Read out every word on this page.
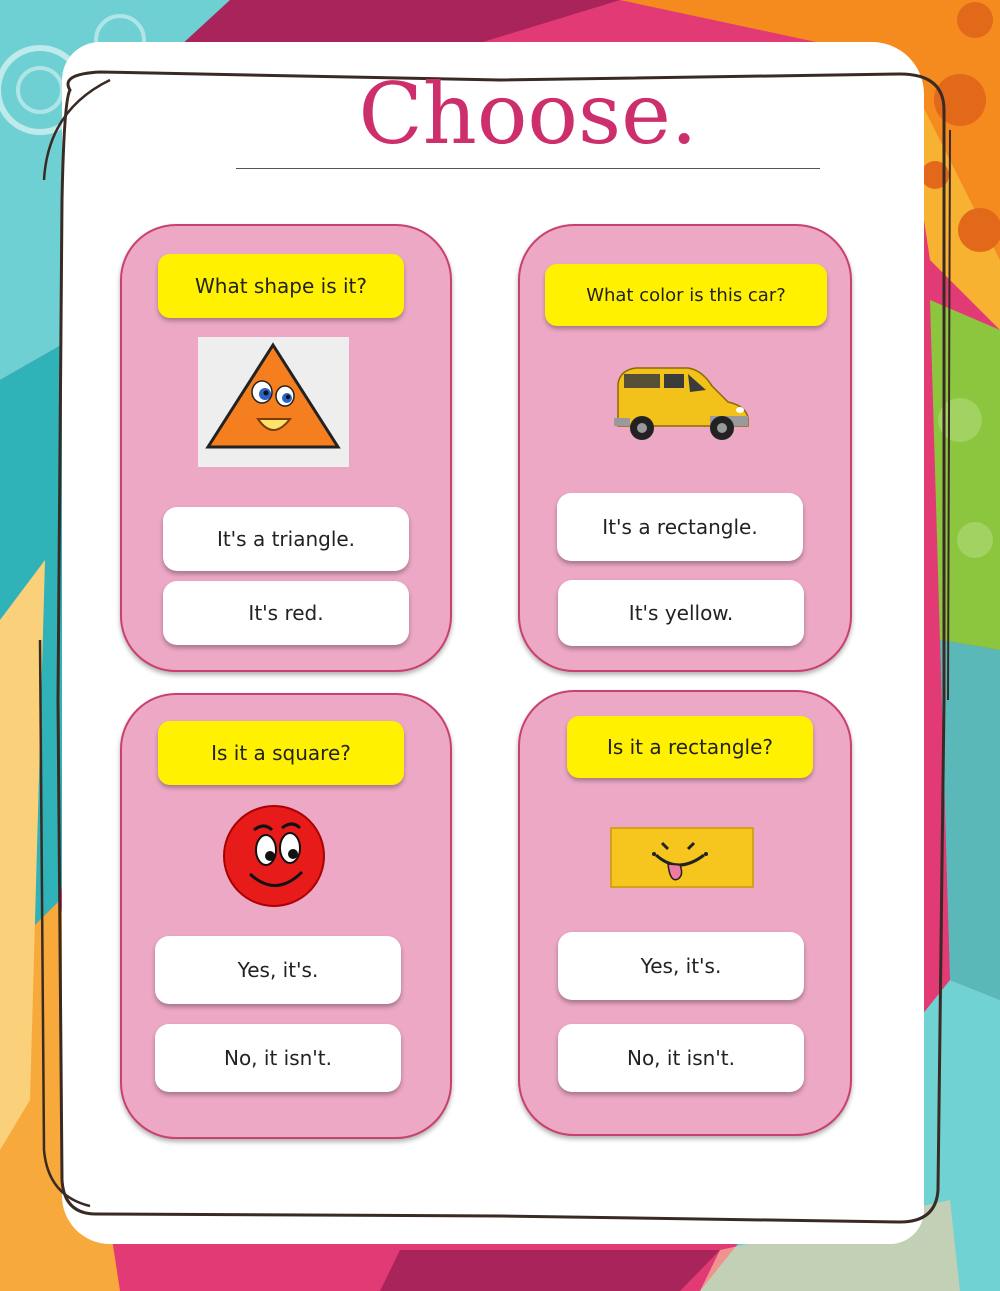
Choose.
What shape is it?
It's a triangle.
It's red.
What color is this car?
It's a rectangle.
It's yellow.
Is it a square?
Yes, it's.
No, it isn't.
Is it a rectangle?
Yes, it's.
No, it isn't.
